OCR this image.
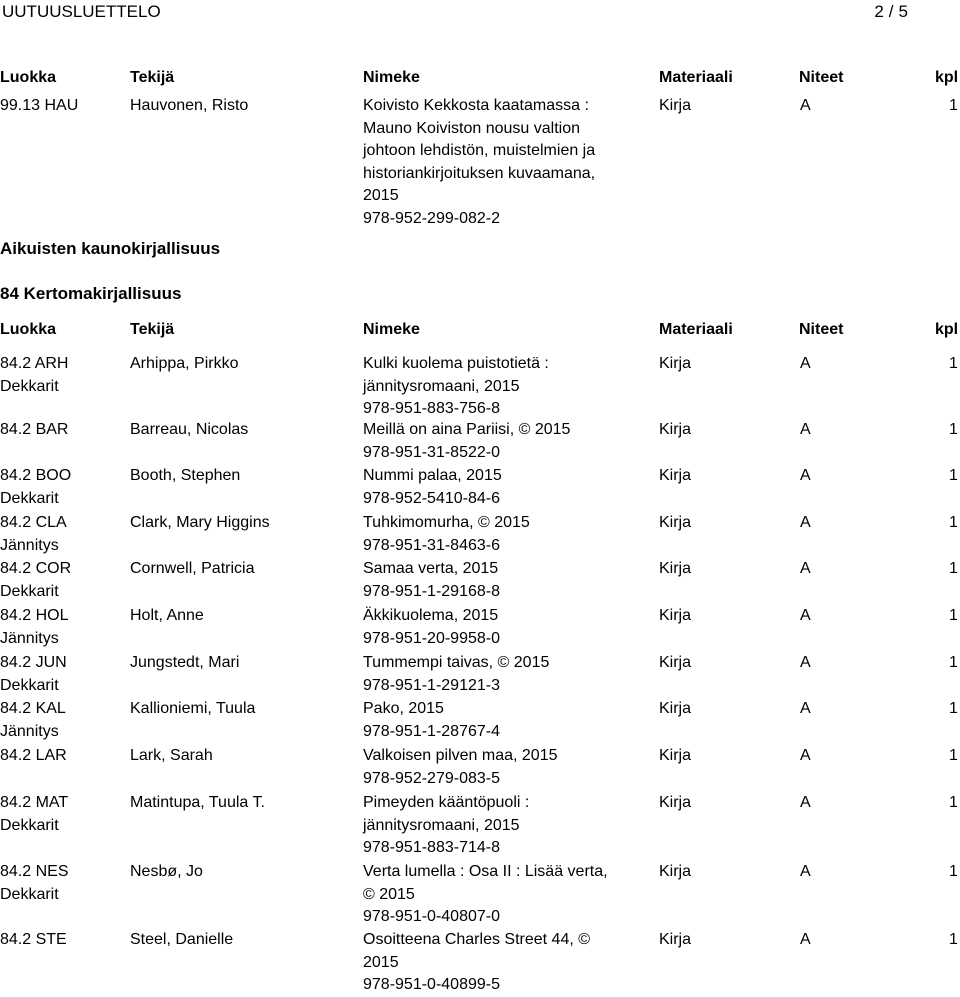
UUTUUSLUETTELO	2 / 5
Luokka	Tekijä	Nimeke	Materiaali	Niteet	kpl
99.13 HAU	Hauvonen, Risto	Koivisto Kekkosta kaatamassa :
Mauno Koiviston nousu valtion
johtoon lehdistön, muistelmien ja
historiankirjoituksen kuvaamana,
2015
978-952-299-082-2
Kirja	A	1
Aikuisten kaunokirjallisuus
84 Kertomakirjallisuus
Luokka	Tekijä	Nimeke	Materiaali	Niteet	kpl
84.2 ARH
Dekkarit
Arhippa, Pirkko	Kulki kuolema puistotietä :
jännitysromaani, 2015
978-951-883-756-8
Kirja	A	1
84.2 BAR	Barreau, Nicolas	Meillä on aina Pariisi, © 2015
978-951-31-8522-0
Kirja	A	1
84.2 BOO
Dekkarit
Booth, Stephen	Nummi palaa, 2015
978-952-5410-84-6
Kirja	A	1
84.2 CLA
Jännitys
Clark, Mary Higgins	Tuhkimomurha, © 2015
978-951-31-8463-6
Kirja	A	1
84.2 COR
Dekkarit
Cornwell, Patricia	Samaa verta, 2015
978-951-1-29168-8
Kirja	A	1
84.2 HOL
Jännitys
Holt, Anne	Äkkikuolema, 2015
978-951-20-9958-0
Kirja	A	1
84.2 JUN
Dekkarit
Jungstedt, Mari	Tummempi taivas, © 2015
978-951-1-29121-3
Kirja	A	1
84.2 KAL
Jännitys
Kallioniemi, Tuula	Pako, 2015
978-951-1-28767-4
Kirja	A	1
84.2 LAR	Lark, Sarah	Valkoisen pilven maa, 2015
978-952-279-083-5
Kirja	A	1
84.2 MAT
Dekkarit
Matintupa, Tuula T.	Pimeyden kääntöpuoli :
jännitysromaani, 2015
978-951-883-714-8
Kirja	A	1
84.2 NES
Dekkarit
Nesbø, Jo	Verta lumella : Osa II : Lisää verta,
© 2015
978-951-0-40807-0
Kirja	A	1
84.2 STE	Steel, Danielle	Osoitteena Charles Street 44, ©
2015
978-951-0-40899-5
Kirja	A	1
